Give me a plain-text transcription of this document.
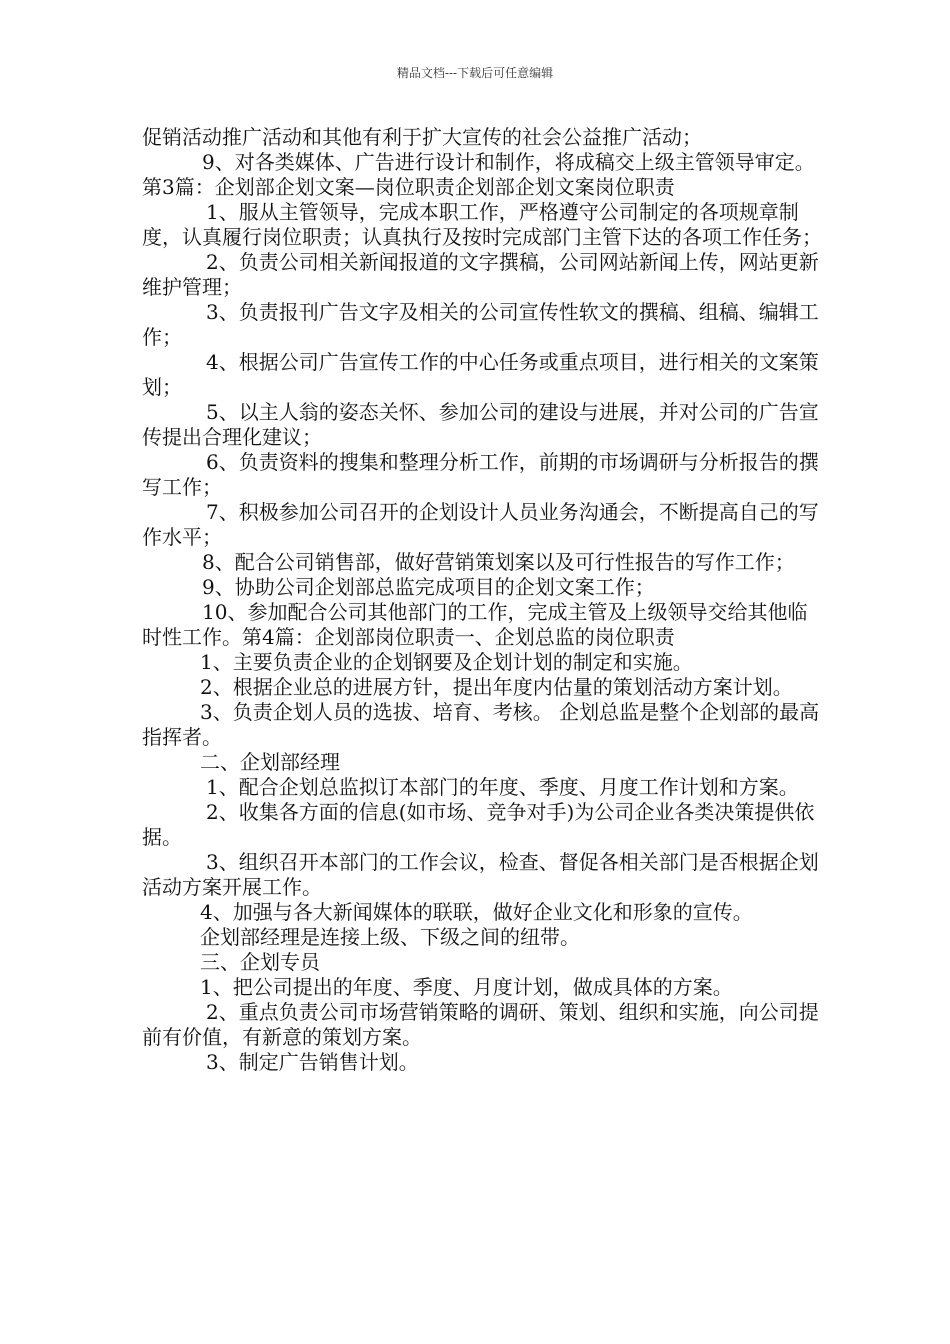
精品文档---下载后可任意编辑

促销活动推广活动和其他有利于扩大宣传的社会公益推广活动；

9、对各类媒体、广告进行设计和制作，将成稿交上级主管领导审定。第3篇：企划部企划文案—岗位职责企划部企划文案岗位职责

1、服从主管领导，完成本职工作，严格遵守公司制定的各项规章制度，认真履行岗位职责；认真执行及按时完成部门主管下达的各项工作任务；

2、负责公司相关新闻报道的文字撰稿，公司网站新闻上传，网站更新维护管理；

3、负责报刊广告文字及相关的公司宣传性软文的撰稿、组稿、编辑工作；

4、根据公司广告宣传工作的中心任务或重点项目，进行相关的文案策划；

5、以主人翁的姿态关怀、参加公司的建设与进展，并对公司的广告宣传提出合理化建议；

6、负责资料的搜集和整理分析工作，前期的市场调研与分析报告的撰写工作；

7、积极参加公司召开的企划设计人员业务沟通会，不断提高自己的写作水平；

8、配合公司销售部，做好营销策划案以及可行性报告的写作工作；

9、协助公司企划部总监完成项目的企划文案工作；

10、参加配合公司其他部门的工作，完成主管及上级领导交给其他临时性工作。第4篇：企划部岗位职责一、企划总监的岗位职责

1、主要负责企业的企划钢要及企划计划的制定和实施。

2、根据企业总的进展方针，提出年度内估量的策划活动方案计划。

3、负责企划人员的选拔、培育、考核。 企划总监是整个企划部的最高指挥者。

二、企划部经理

1、配合企划总监拟订本部门的年度、季度、月度工作计划和方案。

2、收集各方面的信息(如市场、竞争对手)为公司企业各类决策提供依据。

3、组织召开本部门的工作会议，检查、督促各相关部门是否根据企划活动方案开展工作。

4、加强与各大新闻媒体的联联，做好企业文化和形象的宣传。

企划部经理是连接上级、下级之间的纽带。

三、企划专员

1、把公司提出的年度、季度、月度计划，做成具体的方案。

2、重点负责公司市场营销策略的调研、策划、组织和实施，向公司提前有价值，有新意的策划方案。

3、制定广告销售计划。
